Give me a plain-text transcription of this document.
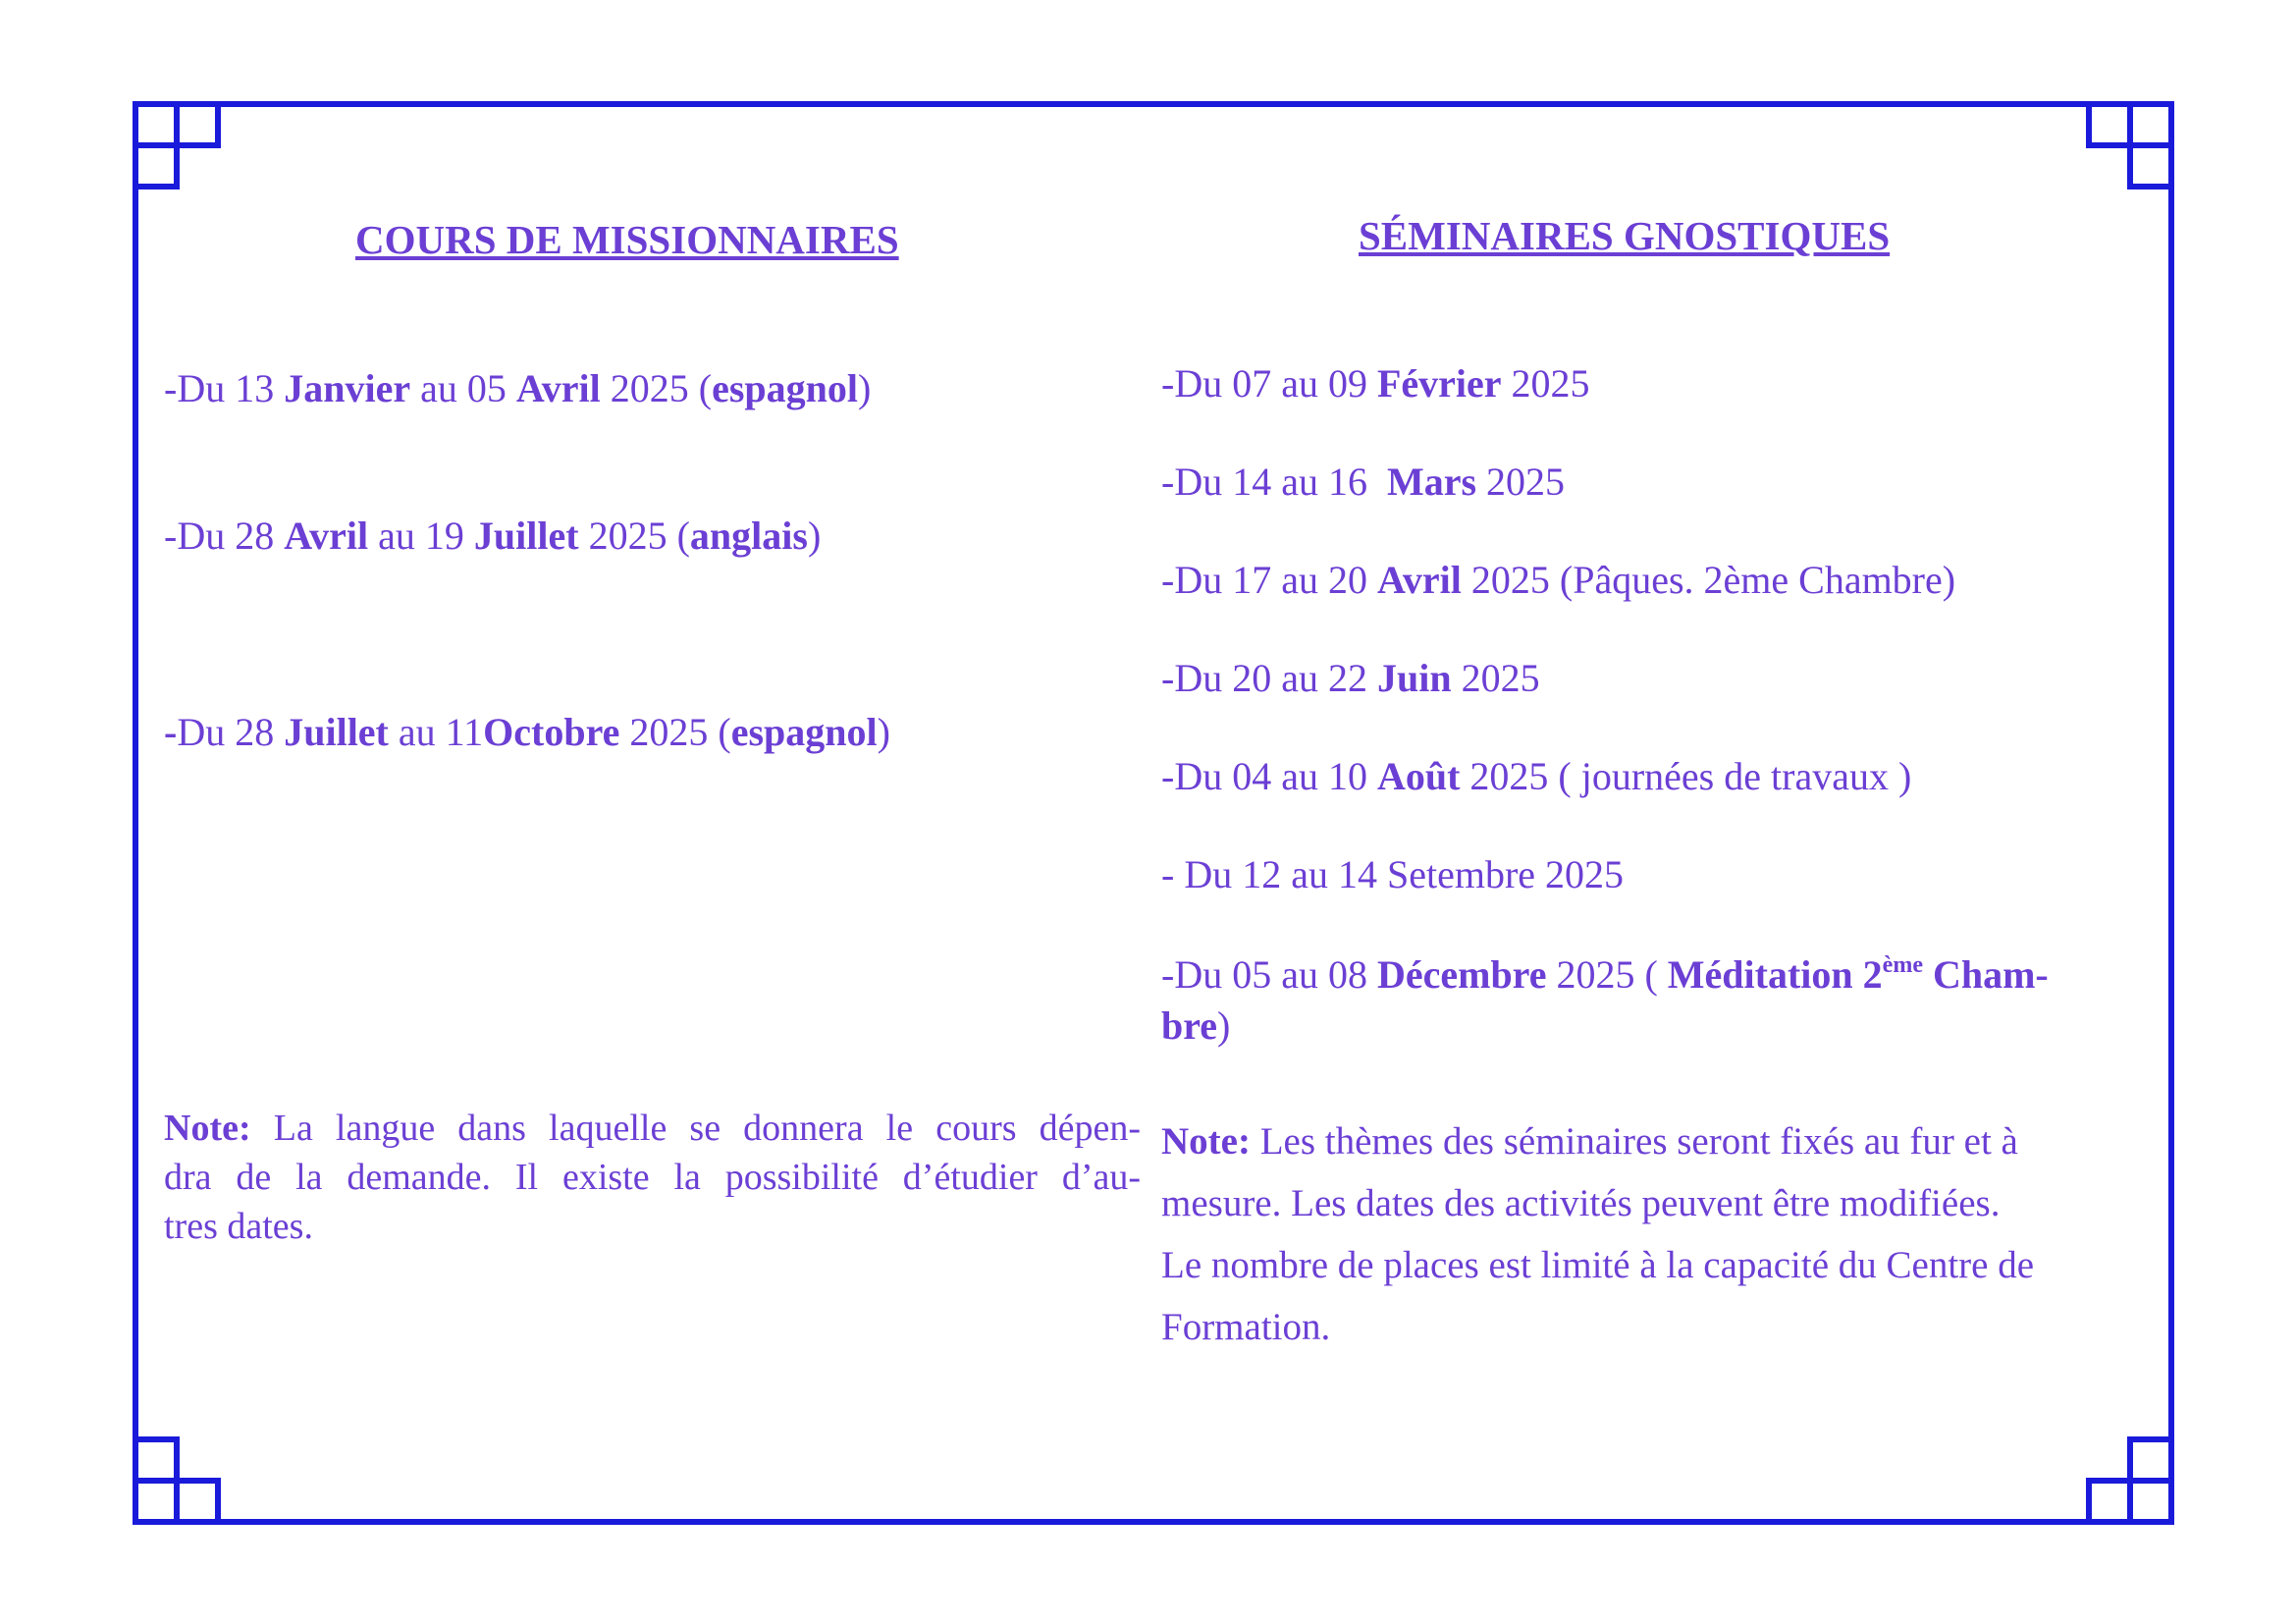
COURS DE MISSIONNAIRES
-Du 13 Janvier au 05 Avril 2025 (espagnol)
-Du 28 Avril au 19 Juillet 2025 (anglais)
-Du 28 Juillet au 11Octobre 2025 (espagnol)
Note: La langue dans laquelle se donnera le cours dépen-
dra de la demande. Il existe la possibilité d’étudier d’au-
tres dates.
SÉMINAIRES GNOSTIQUES
-Du 07 au 09 Février 2025
-Du 14 au 16  Mars 2025
-Du 17 au 20 Avril 2025 (Pâques. 2ème Chambre)
-Du 20 au 22 Juin 2025
-Du 04 au 10 Août 2025 ( journées de travaux )
- Du 12 au 14 Setembre 2025
-Du 05 au 08 Décembre 2025 ( Méditation 2ème Cham-
bre)
Note: Les thèmes des séminaires seront fixés au fur et à
mesure. Les dates des activités peuvent être modifiées.
Le nombre de places est limité à la capacité du Centre de
Formation.
